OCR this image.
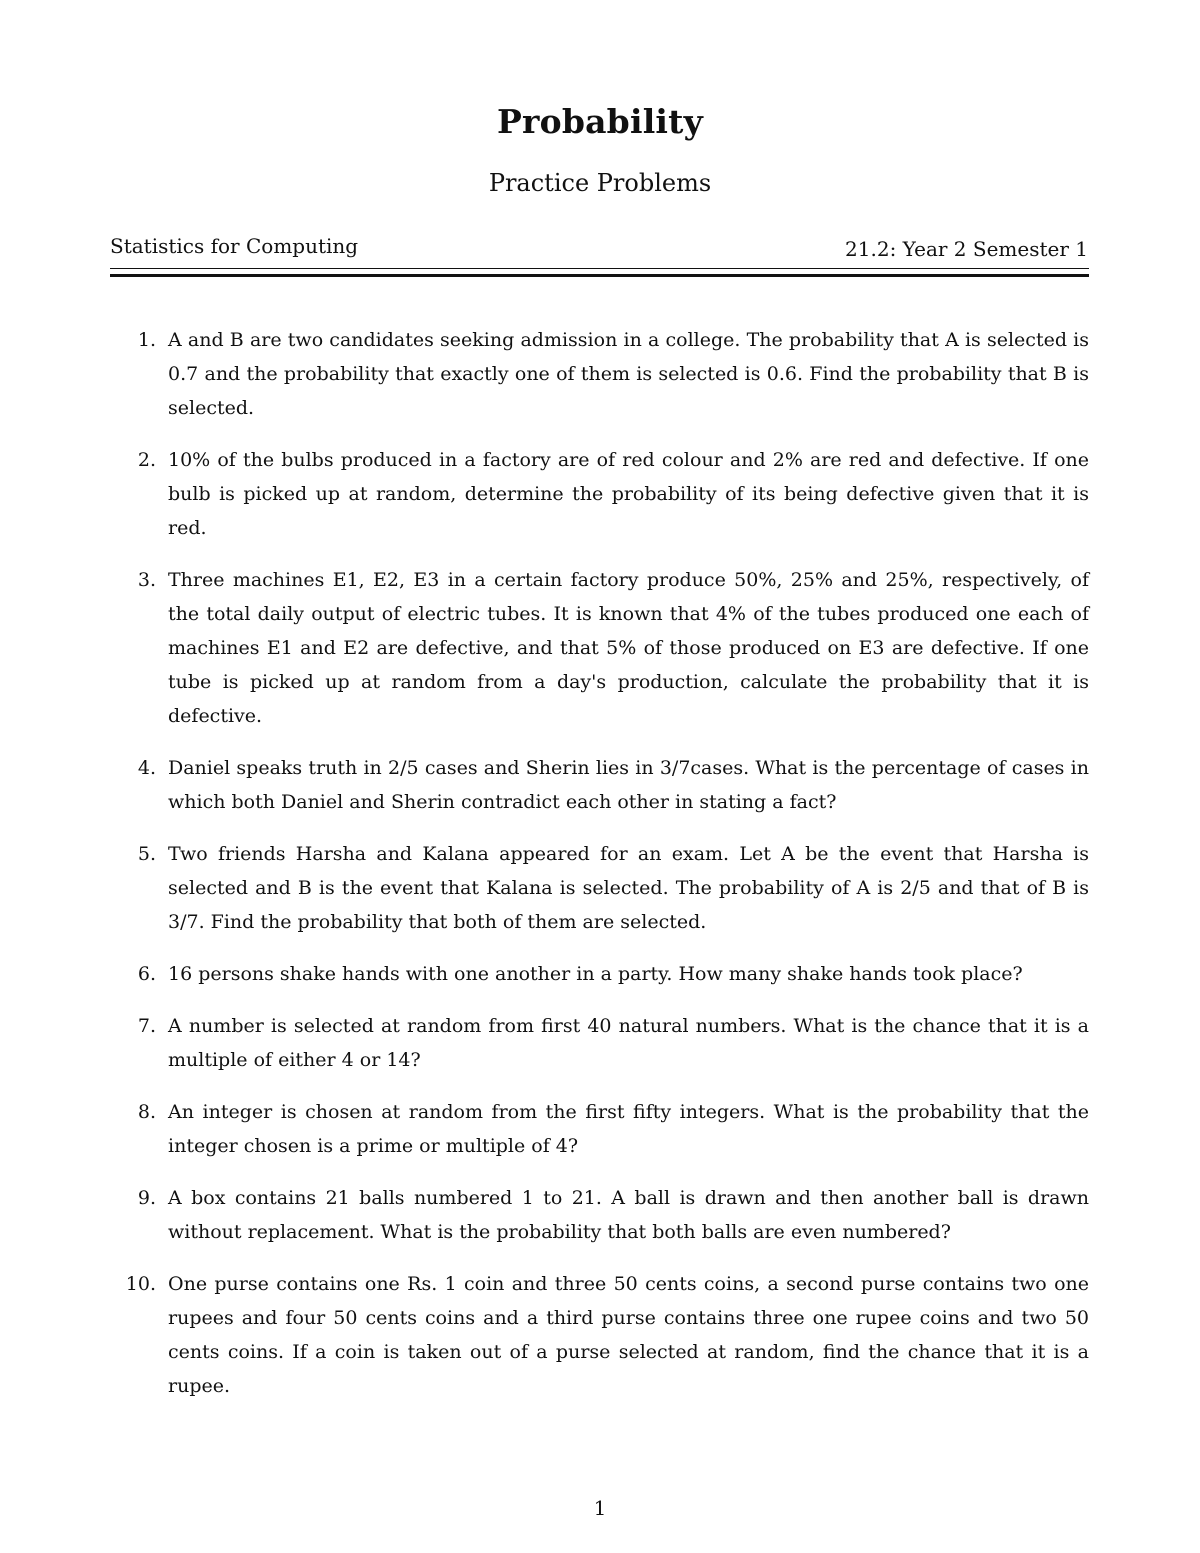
Probability
Practice Problems
Statistics for Computing	21.2: Year 2 Semester 1
1. A and B are two candidates seeking admission in a college. The probability that A is selected is 0.7 and the probability that exactly one of them is selected is 0.6. Find the probability that B is selected.
2. 10% of the bulbs produced in a factory are of red colour and 2% are red and defective. If one bulb is picked up at random, determine the probability of its being defective given that it is red.
3. Three machines E1, E2, E3 in a certain factory produce 50%, 25% and 25%, respectively, of the total daily output of electric tubes. It is known that 4% of the tubes produced one each of machines E1 and E2 are defective, and that 5% of those produced on E3 are defective. If one tube is picked up at random from a day's production, calculate the probability that it is defective.
4. Daniel speaks truth in 2/5 cases and Sherin lies in 3/7cases. What is the percentage of cases in which both Daniel and Sherin contradict each other in stating a fact?
5. Two friends Harsha and Kalana appeared for an exam. Let A be the event that Harsha is selected and B is the event that Kalana is selected. The probability of A is 2/5 and that of B is 3/7. Find the probability that both of them are selected.
6. 16 persons shake hands with one another in a party. How many shake hands took place?
7. A number is selected at random from first 40 natural numbers. What is the chance that it is a multiple of either 4 or 14?
8. An integer is chosen at random from the first fifty integers. What is the probability that the integer chosen is a prime or multiple of 4?
9. A box contains 21 balls numbered 1 to 21. A ball is drawn and then another ball is drawn without replacement. What is the probability that both balls are even numbered?
10. One purse contains one Rs. 1 coin and three 50 cents coins, a second purse contains two one rupees and four 50 cents coins and a third purse contains three one rupee coins and two 50 cents coins. If a coin is taken out of a purse selected at random, find the chance that it is a rupee.
1
